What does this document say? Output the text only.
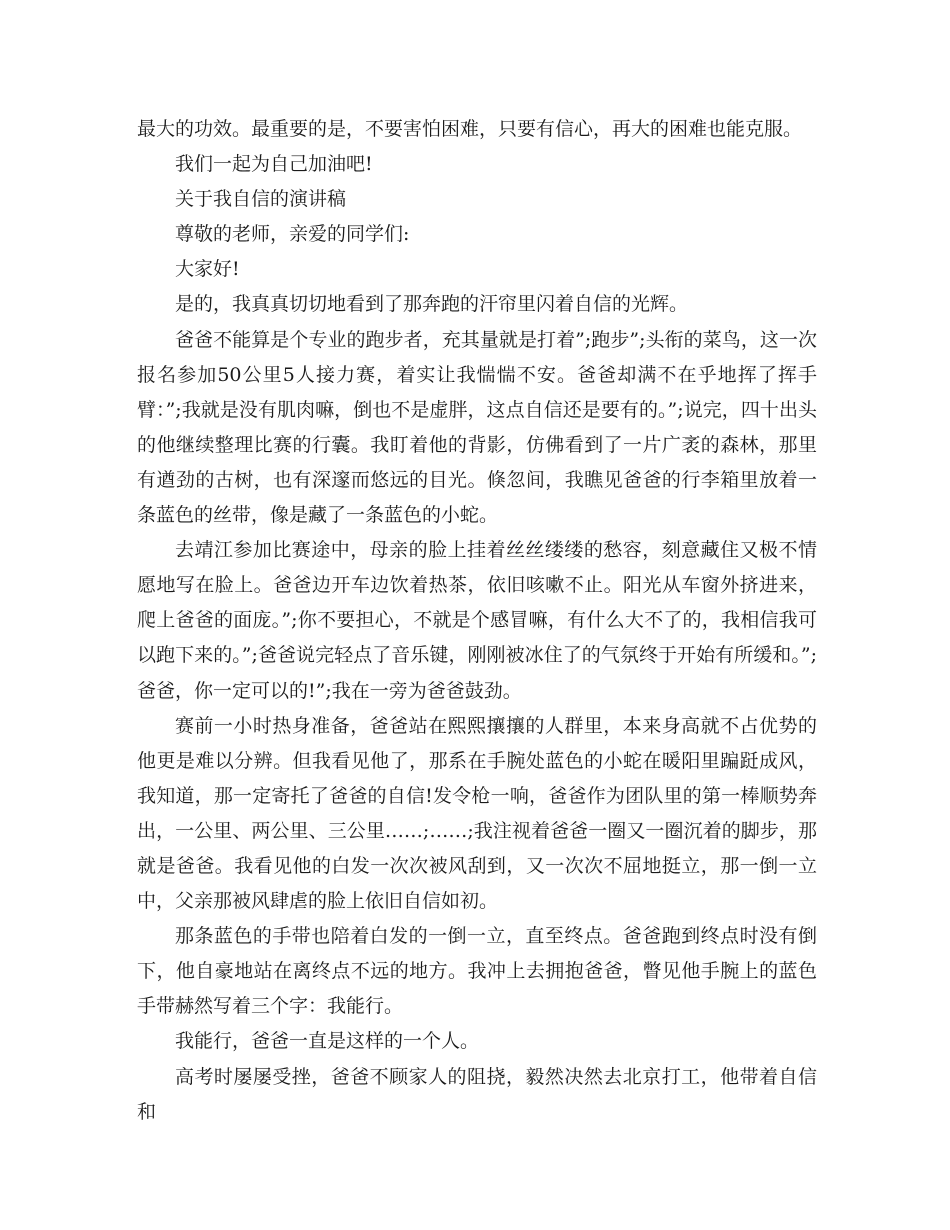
最大的功效。最重要的是，不要害怕困难，只要有信心，再大的困难也能克服。

我们一起为自己加油吧!

关于我自信的演讲稿

尊敬的老师，亲爱的同学们:

大家好!

是的，我真真切切地看到了那奔跑的汗帘里闪着自信的光辉。

爸爸不能算是个专业的跑步者，充其量就是打着”;跑步”;头衔的菜鸟，这一次报名参加50公里5人接力赛，着实让我惴惴不安。爸爸却满不在乎地挥了挥手臂：”;我就是没有肌肉嘛，倒也不是虚胖，这点自信还是要有的。”;说完，四十出头的他继续整理比赛的行囊。我盯着他的背影，仿佛看到了一片广袤的森林，那里有遒劲的古树，也有深邃而悠远的目光。倏忽间，我瞧见爸爸的行李箱里放着一条蓝色的丝带，像是藏了一条蓝色的小蛇。

去靖江参加比赛途中，母亲的脸上挂着丝丝缕缕的愁容，刻意藏住又极不情愿地写在脸上。爸爸边开车边饮着热茶，依旧咳嗽不止。阳光从车窗外挤进来，爬上爸爸的面庞。”;你不要担心，不就是个感冒嘛，有什么大不了的，我相信我可以跑下来的。”;爸爸说完轻点了音乐键，刚刚被冰住了的气氛终于开始有所缓和。”;爸爸，你一定可以的!”;我在一旁为爸爸鼓劲。

赛前一小时热身准备，爸爸站在熙熙攘攘的人群里，本来身高就不占优势的他更是难以分辨。但我看见他了，那系在手腕处蓝色的小蛇在暖阳里蹁跹成风，我知道，那一定寄托了爸爸的自信!发令枪一响，爸爸作为团队里的第一棒顺势奔出，一公里、两公里、三公里……;……;我注视着爸爸一圈又一圈沉着的脚步，那就是爸爸。我看见他的白发一次次被风刮到，又一次次不屈地挺立，那一倒一立中，父亲那被风肆虐的脸上依旧自信如初。

那条蓝色的手带也陪着白发的一倒一立，直至终点。爸爸跑到终点时没有倒下，他自豪地站在离终点不远的地方。我冲上去拥抱爸爸，瞥见他手腕上的蓝色手带赫然写着三个字：我能行。

我能行，爸爸一直是这样的一个人。

高考时屡屡受挫，爸爸不顾家人的阻挠，毅然决然去北京打工，他带着自信和
